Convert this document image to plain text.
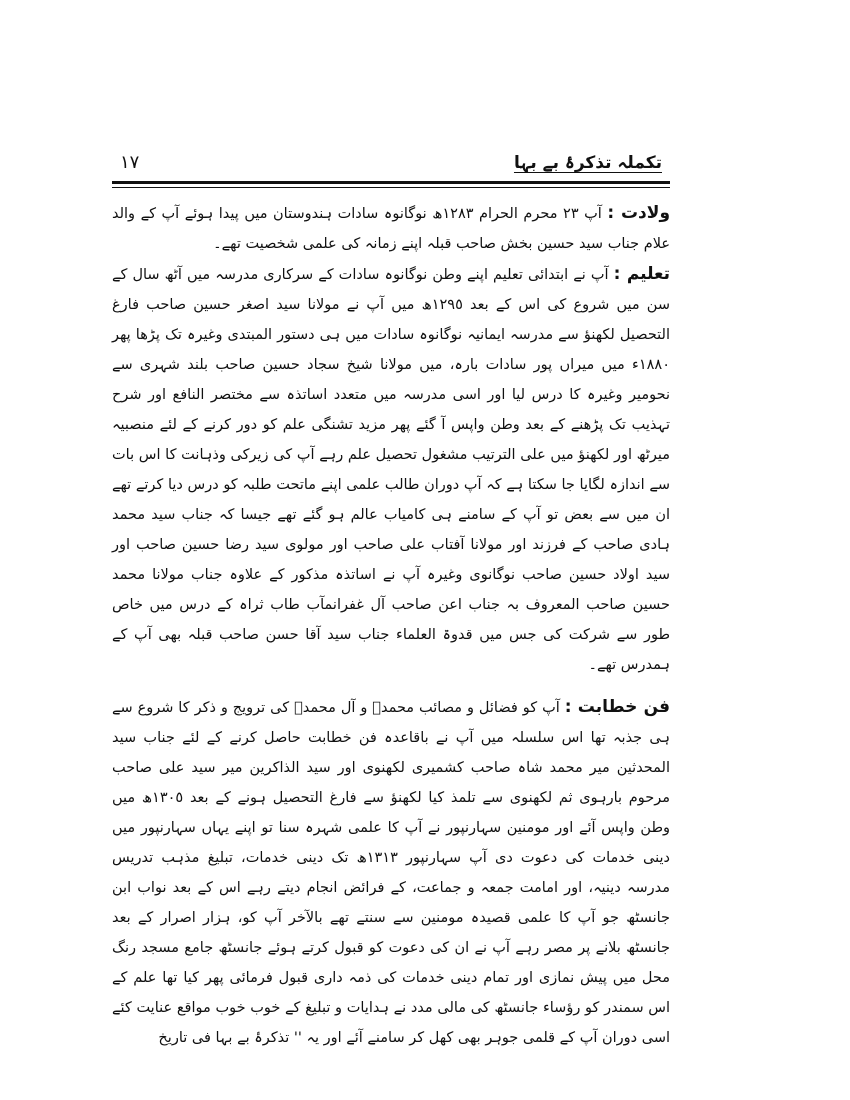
تکملہ تذکرۂ بے بہا
١٧

ولادت : آپ ٢٣ محرم الحرام ١٢٨٣ھ نوگانوہ سادات ہندوستان میں پیدا ہوئے آپ کے والد علام جناب سید حسین بخش صاحب قبلہ اپنے زمانہ کی علمی شخصیت تھے۔

تعلیم : آپ نے ابتدائی تعلیم اپنے وطن نوگانوہ سادات کے سرکاری مدرسہ میں آٹھ سال کے سن میں شروع کی اس کے بعد ١٢٩٥ھ میں آپ نے مولانا سید اصغر حسین صاحب فارغ التحصیل لکھنؤ سے مدرسہ ایمانیہ نوگانوہ سادات میں ہی دستور المبتدی وغیرہ تک پڑھا پھر ١٨٨٠ء میں میراں پور سادات بارہ، میں مولانا شیخ سجاد حسین صاحب بلند شہری سے نحومیر وغیرہ کا درس لیا اور اسی مدرسہ میں متعدد اساتذہ سے مختصر النافع اور شرح تہذیب تک پڑھنے کے بعد وطن واپس آ گئے پھر مزید تشنگی علم کو دور کرنے کے لئے منصبیہ میرٹھ اور لکھنؤ میں علی الترتیب مشغول تحصیل علم رہے آپ کی زیرکی وذہانت کا اس بات سے اندازہ لگایا جا سکتا ہے کہ آپ دوران طالب علمی اپنے ماتحت طلبہ کو درس دیا کرتے تھے ان میں سے بعض تو آپ کے سامنے ہی کامیاب عالم ہو گئے تھے جیسا کہ جناب سید محمد ہادی صاحب کے فرزند اور مولانا آفتاب علی صاحب اور مولوی سید رضا حسین صاحب اور سید اولاد حسین صاحب نوگانوی وغیرہ آپ نے اساتذہ مذکور کے علاوہ جناب مولانا محمد حسین صاحب المعروف بہ جناب اعن صاحب آل غفرانمآب طاب ثراہ کے درس میں خاص طور سے شرکت کی جس میں قدوۃ العلماء جناب سید آقا حسن صاحب قبلہ بھی آپ کے ہمدرس تھے۔

فن خطابت : آپ کو فضائل و مصائب محمدؐ و آل محمدؐ کی ترویج و ذکر کا شروع سے ہی جذبہ تھا اس سلسلہ میں آپ نے باقاعدہ فن خطابت حاصل کرنے کے لئے جناب سید المحدثین میر محمد شاہ صاحب کشمیری لکھنوی اور سید الذاکرین میر سید علی صاحب مرحوم بارہوی ثم لکھنوی سے تلمذ کیا لکھنؤ سے فارغ التحصیل ہونے کے بعد ١٣٠٥ھ میں وطن واپس آئے اور مومنین سہارنپور نے آپ کا علمی شہرہ سنا تو اپنے یہاں سہارنپور میں دینی خدمات کی دعوت دی آپ سہارنپور ١٣١٣ھ تک دینی خدمات، تبلیغ مذہب تدریس مدرسہ دینیہ، اور امامت جمعہ و جماعت، کے فرائض انجام دیتے رہے اس کے بعد نواب ابن جانسٹھ جو آپ کا علمی قصیدہ مومنین سے سنتے تھے بالآخر آپ کو، ہزار اصرار کے بعد جانسٹھ بلانے پر مصر رہے آپ نے ان کی دعوت کو قبول کرتے ہوئے جانسٹھ جامع مسجد رنگ محل میں پیش نمازی اور تمام دینی خدمات کی ذمہ داری قبول فرمائی پھر کیا تھا علم کے اس سمندر کو رؤساء جانسٹھ کی مالی مدد نے ہدایات و تبلیغ کے خوب خوب مواقع عنایت کئے اسی دوران آپ کے قلمی جوہر بھی کھل کر سامنے آئے اور یہ '' تذکرۂ بے بہا فی تاریخ
